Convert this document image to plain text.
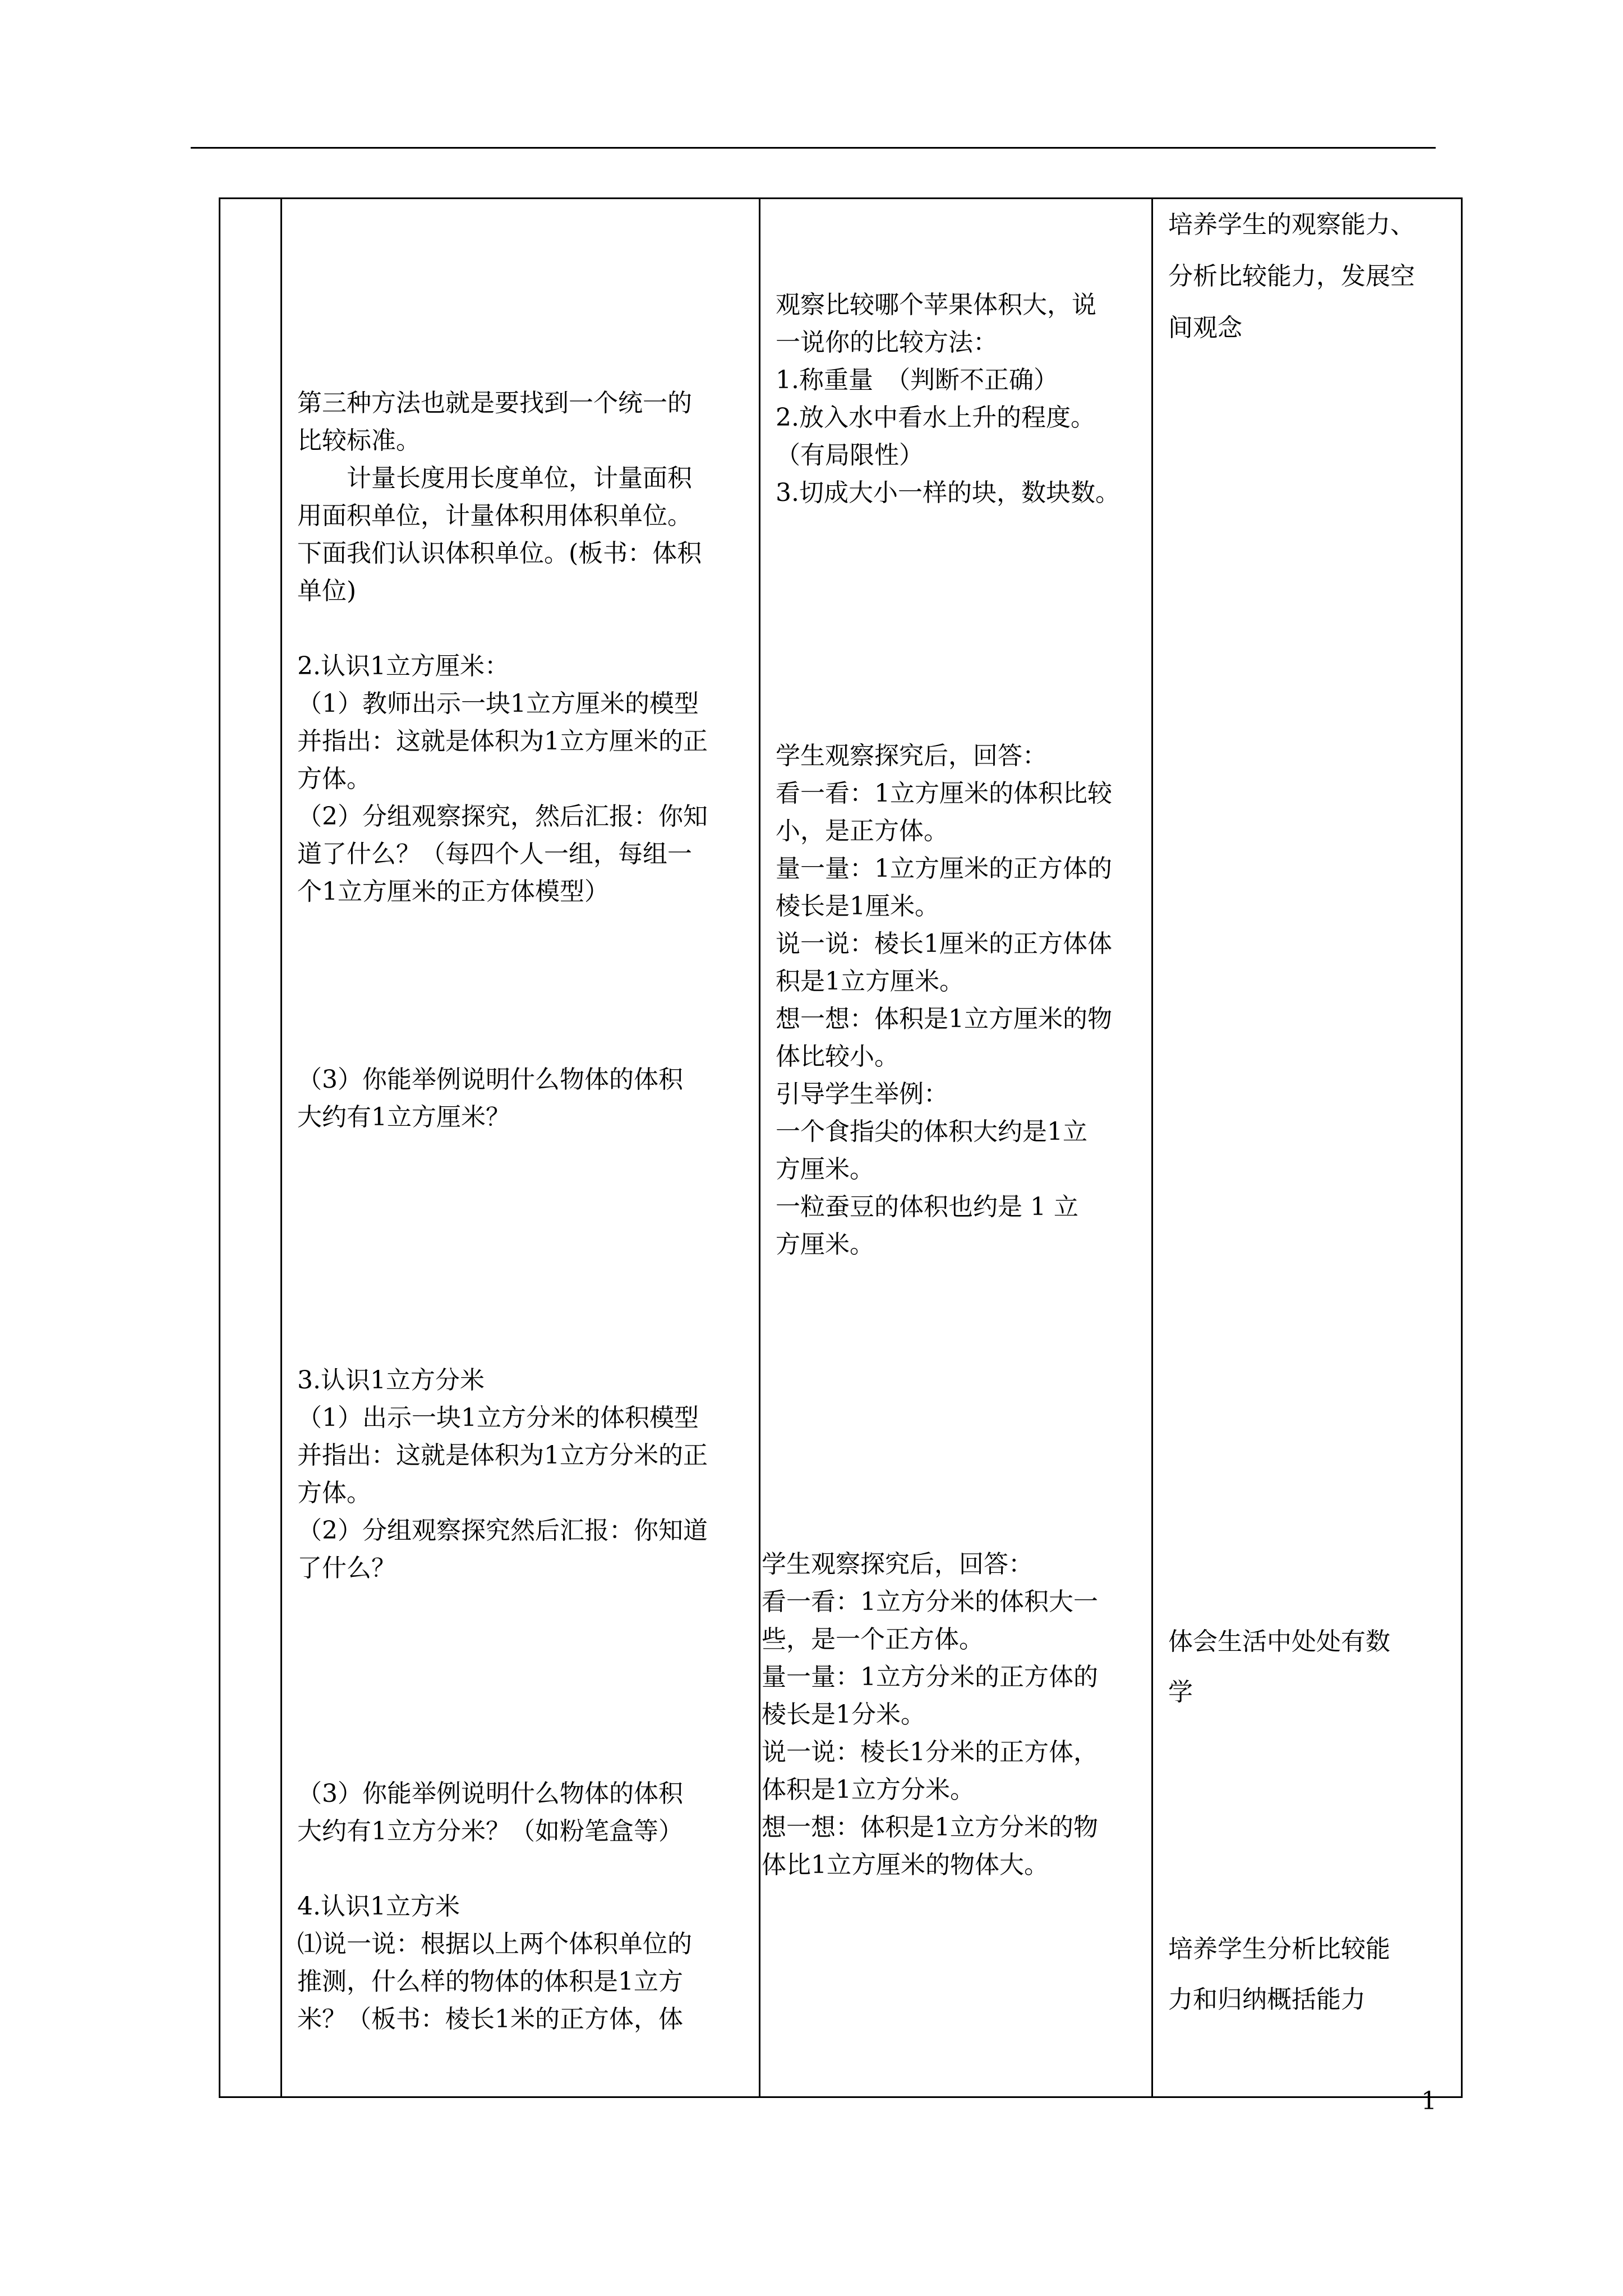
第三种方法也就是要找到一个统一的

比较标准。

　　计量长度用长度单位，计量面积

用面积单位，计量体积用体积单位。

下面我们认识体积单位。(板书：体积

单位)

2.认识1立方厘米：

（1）教师出示一块1立方厘米的模型

并指出：这就是体积为1立方厘米的正

方体。

（2）分组观察探究，然后汇报：你知

道了什么？（每四个人一组，每组一

个1立方厘米的正方体模型）

（3）你能举例说明什么物体的体积

大约有1立方厘米？

3.认识1立方分米

（1）出示一块1立方分米的体积模型

并指出：这就是体积为1立方分米的正

方体。

（2）分组观察探究然后汇报：你知道

了什么？

（3）你能举例说明什么物体的体积

大约有1立方分米？（如粉笔盒等）

4.认识1立方米

⑴说一说：根据以上两个体积单位的

推测，什么样的物体的体积是1立方

米？（板书：棱长1米的正方体，体

观察比较哪个苹果体积大，说

一说你的比较方法：

1.称重量　（判断不正确）

2.放入水中看水上升的程度。

（有局限性）

3.切成大小一样的块，数块数。

学生观察探究后，回答：

看一看：1立方厘米的体积比较

小，是正方体。

量一量：1立方厘米的正方体的

棱长是1厘米。

说一说：棱长1厘米的正方体体

积是1立方厘米。

想一想：体积是1立方厘米的物

体比较小。

引导学生举例：

一个食指尖的体积大约是1立

方厘米。

一粒蚕豆的体积也约是 1 立

方厘米。

学生观察探究后，回答：

看一看：1立方分米的体积大一

些，是一个正方体。

量一量：1立方分米的正方体的

棱长是1分米。

说一说：棱长1分米的正方体，

体积是1立方分米。

想一想：体积是1立方分米的物

体比1立方厘米的物体大。

培养学生的观察能力、

分析比较能力，发展空

间观念

体会生活中处处有数

学

培养学生分析比较能

力和归纳概括能力

1
